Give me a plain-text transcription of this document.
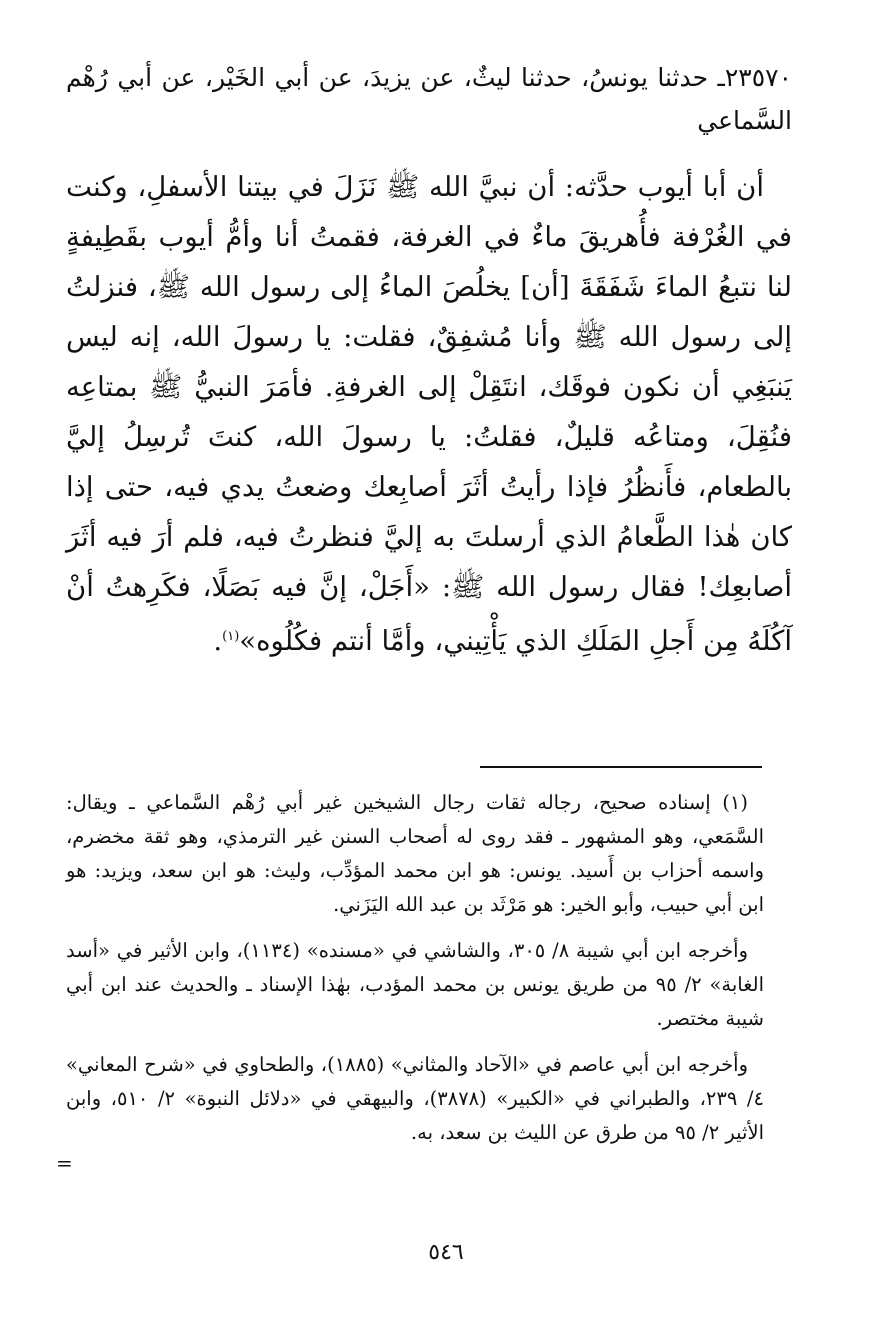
٢٣٥٧٠ـ حدثنا يونسُ، حدثنا ليثٌ، عن يزيدَ، عن أبي الخَيْر، عن أبي رُهْم السَّماعي

أن أبا أيوب حدَّثه: أن نبيَّ الله ﷺ نَزَلَ في بيتنا الأسفلِ، وكنت في الغُرْفة فأُهريقَ ماءٌ في الغرفة، فقمتُ أنا وأمُّ أيوب بقَطِيفةٍ لنا نتبعُ الماءَ شَفَقَةَ [أن] يخلُصَ الماءُ إلى رسول الله ﷺ، فنزلتُ إلى رسول الله ﷺ وأنا مُشفِقٌ، فقلت: يا رسولَ الله، إنه ليس يَنبَغِي أن نكون فوقَك، انتَقِلْ إلى الغرفةِ. فأمَرَ النبيُّ ﷺ بمتاعِه فنُقِلَ، ومتاعُه قليلٌ، فقلتُ: يا رسولَ الله، كنتَ تُرسِلُ إليَّ بالطعام، فأَنظُرُ فإذا رأيتُ أثَرَ أصابِعك وضعتُ يدي فيه، حتى إذا كان هٰذا الطَّعامُ الذي أرسلتَ به إليَّ فنظرتُ فيه، فلم أرَ فيه أثَرَ أصابعِك! فقال رسول الله ﷺ: «أَجَلْ، إنَّ فيه بَصَلًا، فكَرِهتُ أنْ آكُلَهُ مِن أَجلِ المَلَكِ الذي يَأْتِيني، وأمَّا أنتم فكُلُوه»$^{(١)}$.

(١) إسناده صحيح، رجاله ثقات رجال الشيخين غير أبي رُهْم السَّماعي ـ ويقال: السَّمَعي، وهو المشهور ـ فقد روى له أصحاب السنن غير الترمذي، وهو ثقة مخضرم، واسمه أحزاب بن أَسيد. يونس: هو ابن محمد المؤدِّب، وليث: هو ابن سعد، ويزيد: هو ابن أبي حبيب، وأبو الخير: هو مَرْثَد بن عبد الله اليَزَني.

وأخرجه ابن أبي شيبة ٨/ ٣٠٥، والشاشي في «مسنده» (١١٣٤)، وابن الأثير في «أسد الغابة» ٢/ ٩٥ من طريق يونس بن محمد المؤدب، بهٰذا الإسناد ـ والحديث عند ابن أبي شيبة مختصر.

وأخرجه ابن أبي عاصم في «الآحاد والمثاني» (١٨٨٥)، والطحاوي في «شرح المعاني» ٤/ ٢٣٩، والطبراني في «الكبير» (٣٨٧٨)، والبيهقي في «دلائل النبوة» ٢/ ٥١٠، وابن الأثير ٢/ ٩٥ من طرق عن الليث بن سعد، به.

=
٥٤٦
